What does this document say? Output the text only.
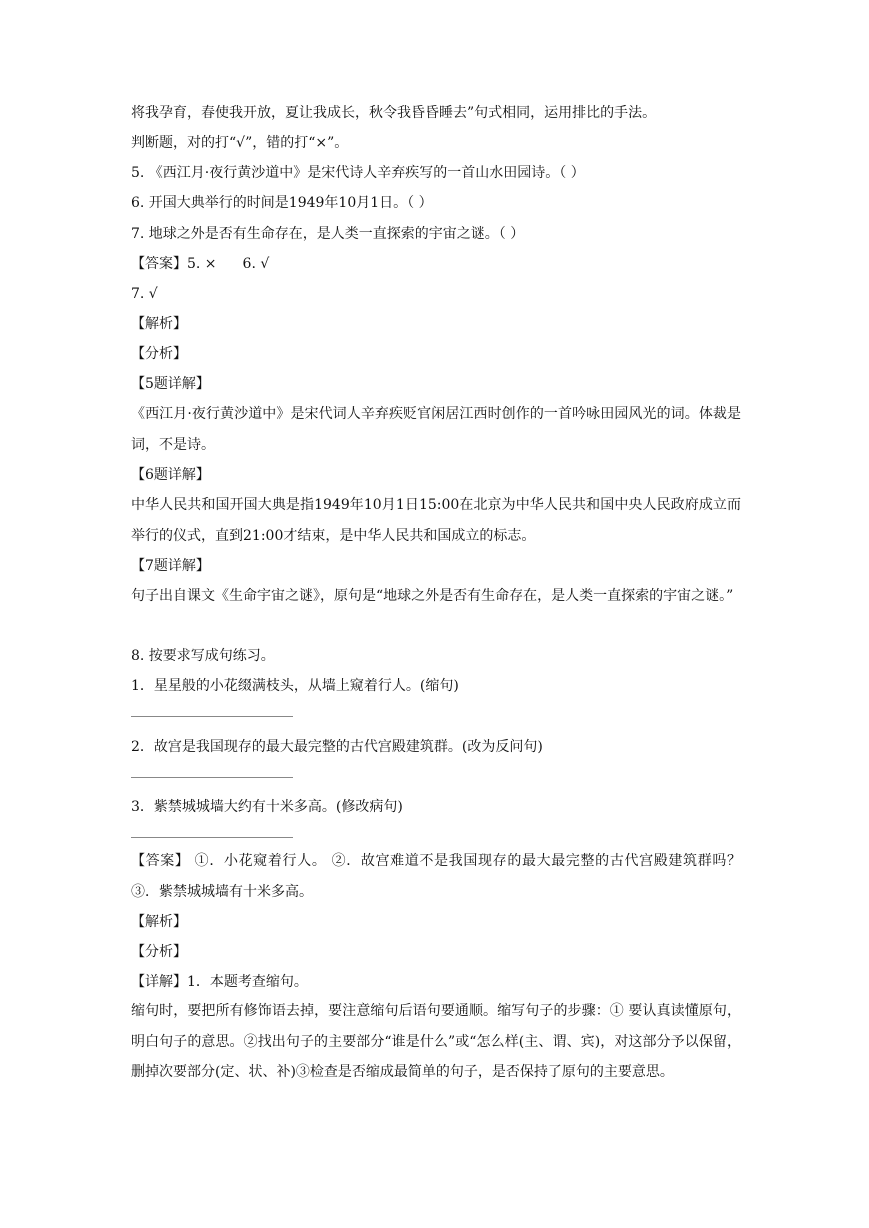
将我孕育，春使我开放，夏让我成长，秋令我昏昏睡去”句式相同，运用排比的手法。
判断题，对的打“√”，错的打“×”。
5. 《西江月·夜行黄沙道中》是宋代诗人辛弃疾写的一首山水田园诗。（ ）
6. 开国大典举行的时间是1949年10月1日。（ ）
7. 地球之外是否有生命存在，是人类一直探索的宇宙之谜。（ ）
【答案】5. × 6. √
7. √
【解析】
【分析】
【5题详解】
《西江月·夜行黄沙道中》是宋代词人辛弃疾贬官闲居江西时创作的一首吟咏田园风光的词。体裁是词，不是诗。
【6题详解】
中华人民共和国开国大典是指1949年10月1日15:00在北京为中华人民共和国中央人民政府成立而举行的仪式，直到21:00才结束，是中华人民共和国成立的标志。
【7题详解】
句子出自课文《生命宇宙之谜》，原句是“地球之外是否有生命存在，是人类一直探索的宇宙之谜。”
8. 按要求写成句练习。
1．星星般的小花缀满枝头，从墙上窥着行人。(缩句)
2．故宫是我国现存的最大最完整的古代宫殿建筑群。(改为反问句)
3．紫禁城城墙大约有十米多高。(修改病句)
【答案】 ①．小花窥着行人。 ②．故宫难道不是我国现存的最大最完整的古代宫殿建筑群吗？ ③．紫禁城城墙有十米多高。
【解析】
【分析】
【详解】1．本题考查缩句。
缩句时，要把所有修饰语去掉，要注意缩句后语句要通顺。缩写句子的步骤：① 要认真读懂原句，明白句子的意思。②找出句子的主要部分“谁是什么”或“怎么样(主、谓、宾)，对这部分予以保留，删掉次要部分(定、状、补)③检查是否缩成最简单的句子，是否保持了原句的主要意思。
